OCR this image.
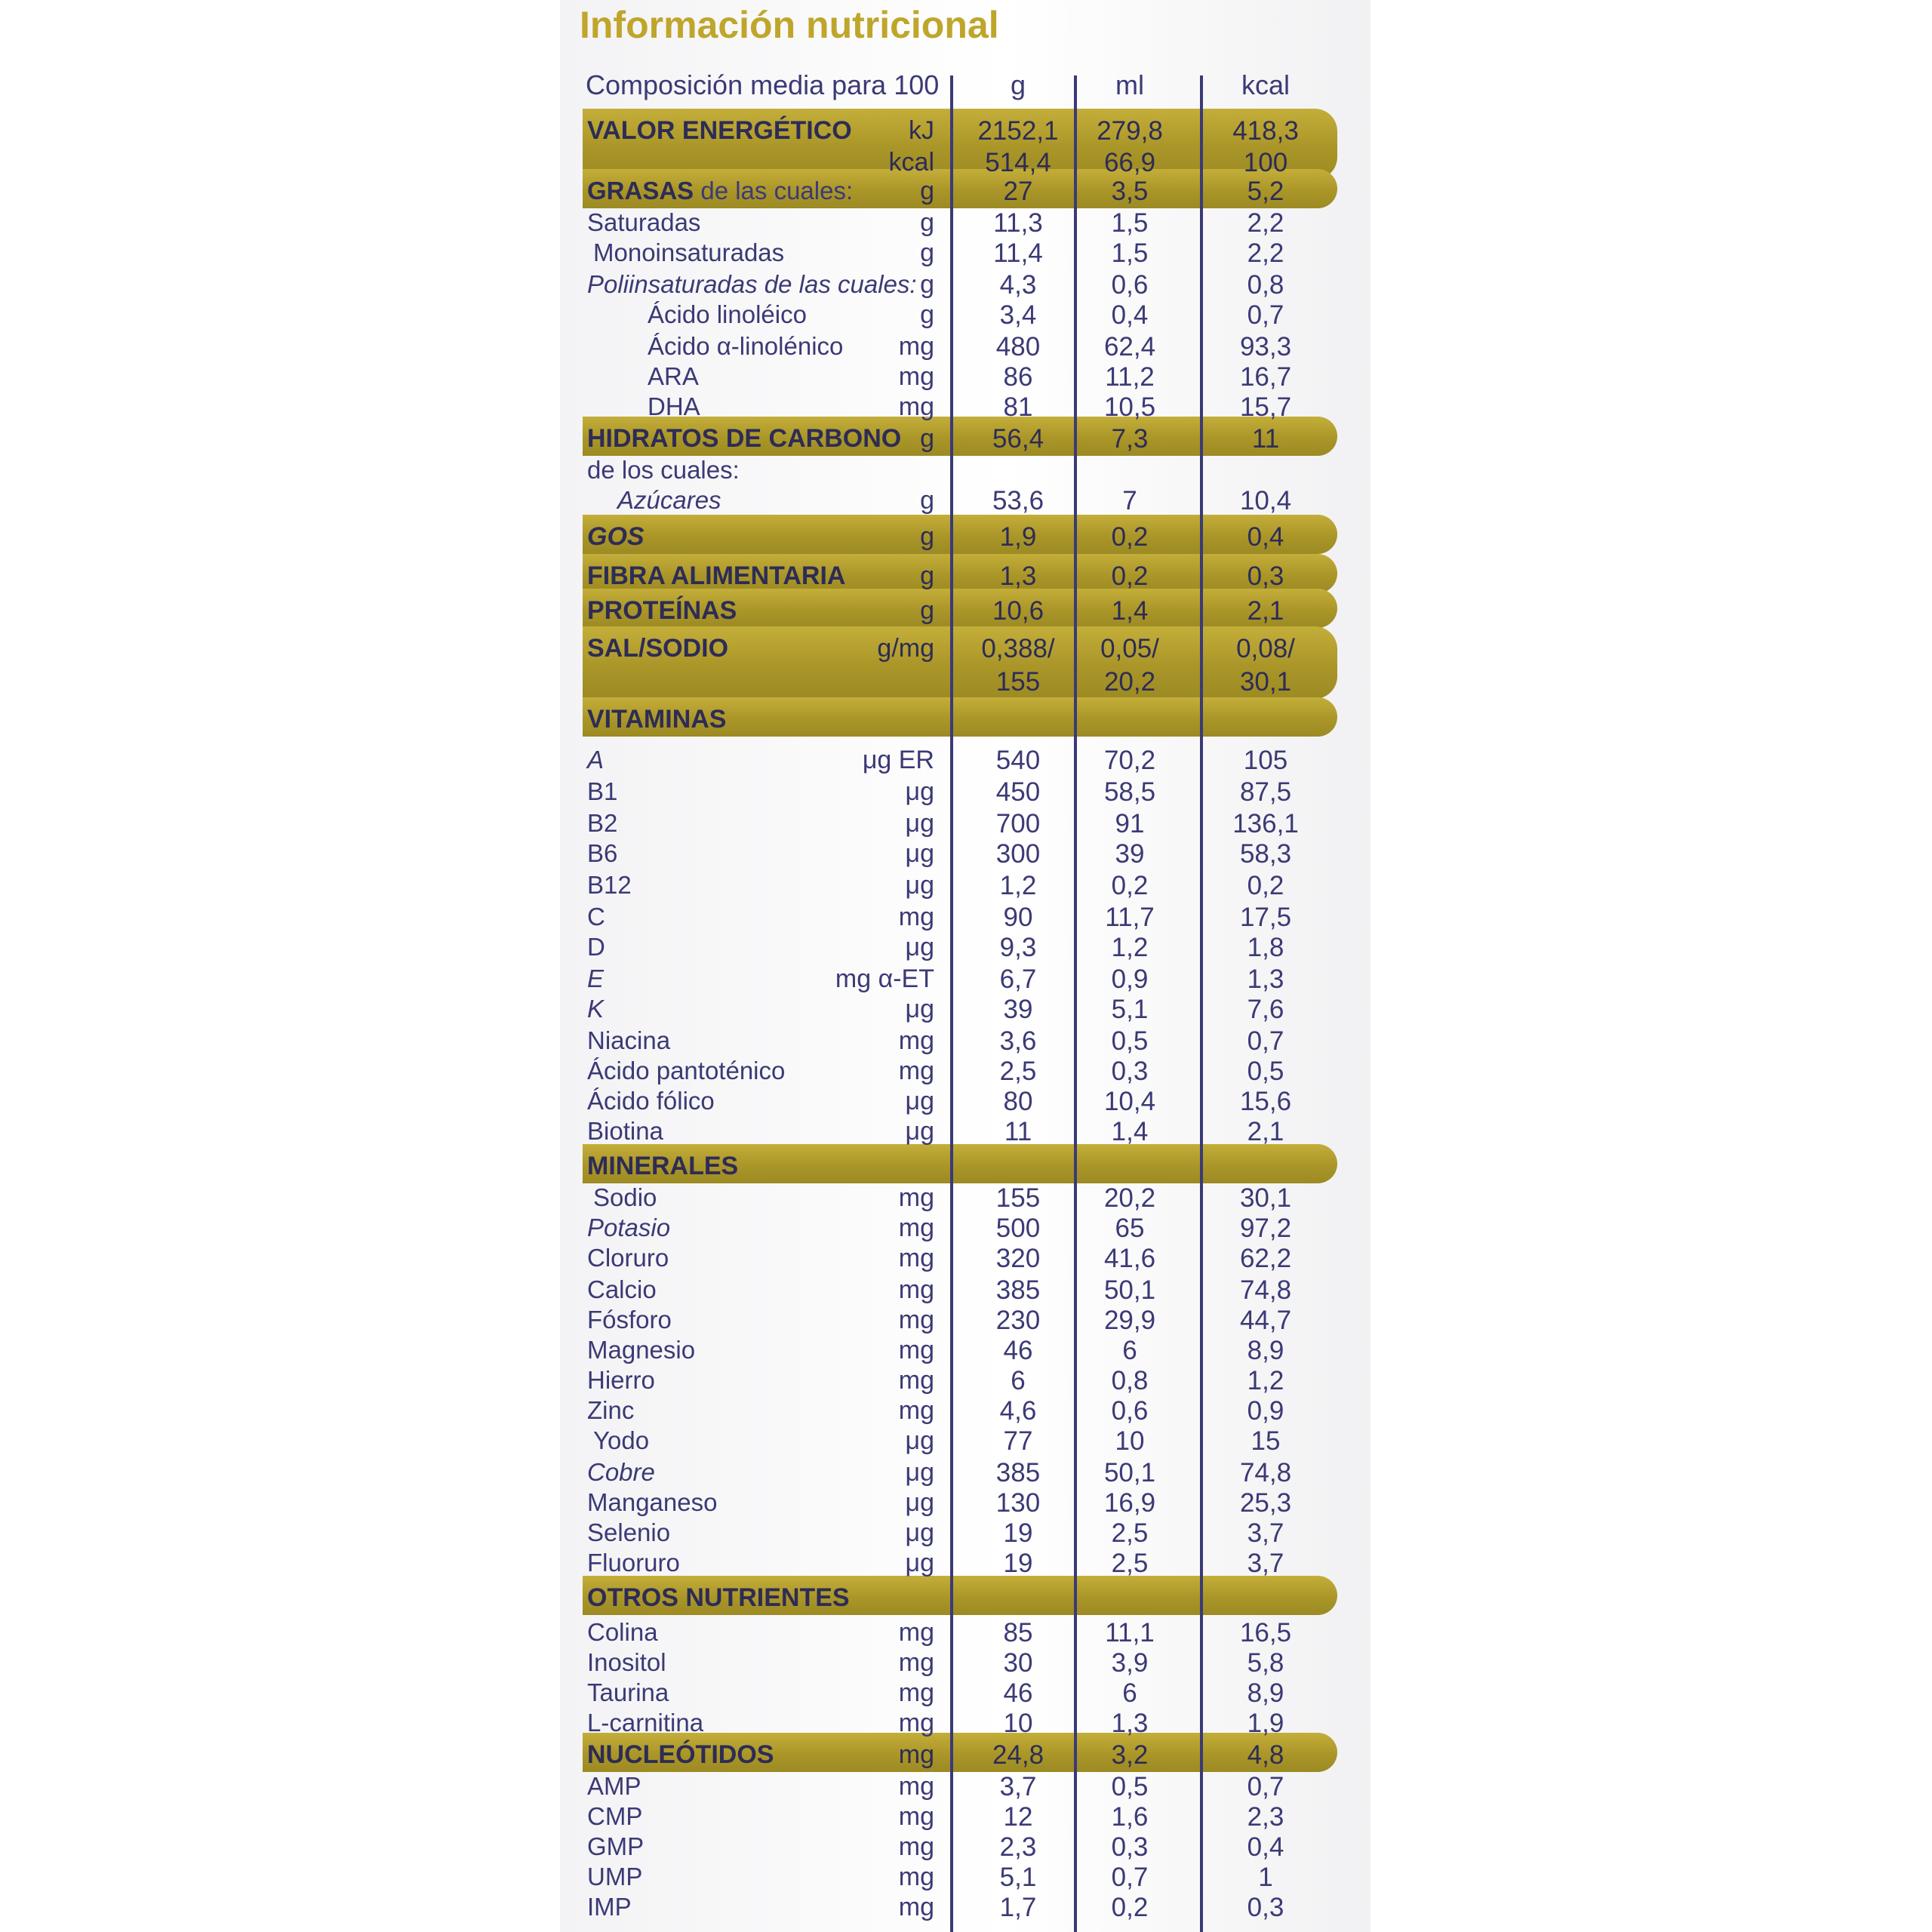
Información nutricional
Composición media para 100	g	ml	kcal
VALOR ENERGÉTICO kJ	2152,1	279,8	418,3
kcal	514,4	66,9	100
GRASAS de las cuales:	g	27	3,5	5,2
Saturadas	g	11,3	1,5	2,2
Monoinsaturadas	g	11,4	1,5	2,2
Poliinsaturadas de las cuales: g	4,3	0,6	0,8
Ácido linoléico	g	3,4	0,4	0,7
Ácido α-linolénico mg	480	62,4	93,3
ARA	mg	86	11,2	16,7
DHA	mg	81	10,5	15,7
HIDRATOS DE CARBONO g	56,4	7,3	11
de los cuales:
Azúcares	g	53,6	7	10,4
GOS	g	1,9	0,2	0,4
FIBRA ALIMENTARIA	g	1,3	0,2	0,3
PROTEÍNAS	g	10,6	1,4	2,1
SAL/SODIO	g/mg	0,388/	0,05/	0,08/
155	20,2	30,1
VITAMINAS
A	μg ER	540	70,2	105
B1	μg	450	58,5	87,5
B2	μg	700	91	136,1
B6	μg	300	39	58,3
B12	μg	1,2	0,2	0,2
C	mg	90	11,7	17,5
D	μg	9,3	1,2	1,8
E	mg α-ET	6,7	0,9	1,3
K	μg	39	5,1	7,6
Niacina	mg	3,6	0,5	0,7
Ácido pantoténico	mg	2,5	0,3	0,5
Ácido fólico	μg	80	10,4	15,6
Biotina	μg	11	1,4	2,1
MINERALES
Sodio	mg	155	20,2	30,1
Potasio	mg	500	65	97,2
Cloruro	mg	320	41,6	62,2
Calcio	mg	385	50,1	74,8
Fósforo	mg	230	29,9	44,7
Magnesio	mg	46	6	8,9
Hierro	mg	6	0,8	1,2
Zinc	mg	4,6	0,6	0,9
Yodo	μg	77	10	15
Cobre	μg	385	50,1	74,8
Manganeso	μg	130	16,9	25,3
Selenio	μg	19	2,5	3,7
Fluoruro	μg	19	2,5	3,7
OTROS NUTRIENTES
Colina	mg	85	11,1	16,5
Inositol	mg	30	3,9	5,8
Taurina	mg	46	6	8,9
L-carnitina	mg	10	1,3	1,9
NUCLEÓTIDOS	mg	24,8	3,2	4,8
AMP	mg	3,7	0,5	0,7
CMP	mg	12	1,6	2,3
GMP	mg	2,3	0,3	0,4
UMP	mg	5,1	0,7	1
IMP	mg	1,7	0,2	0,3
